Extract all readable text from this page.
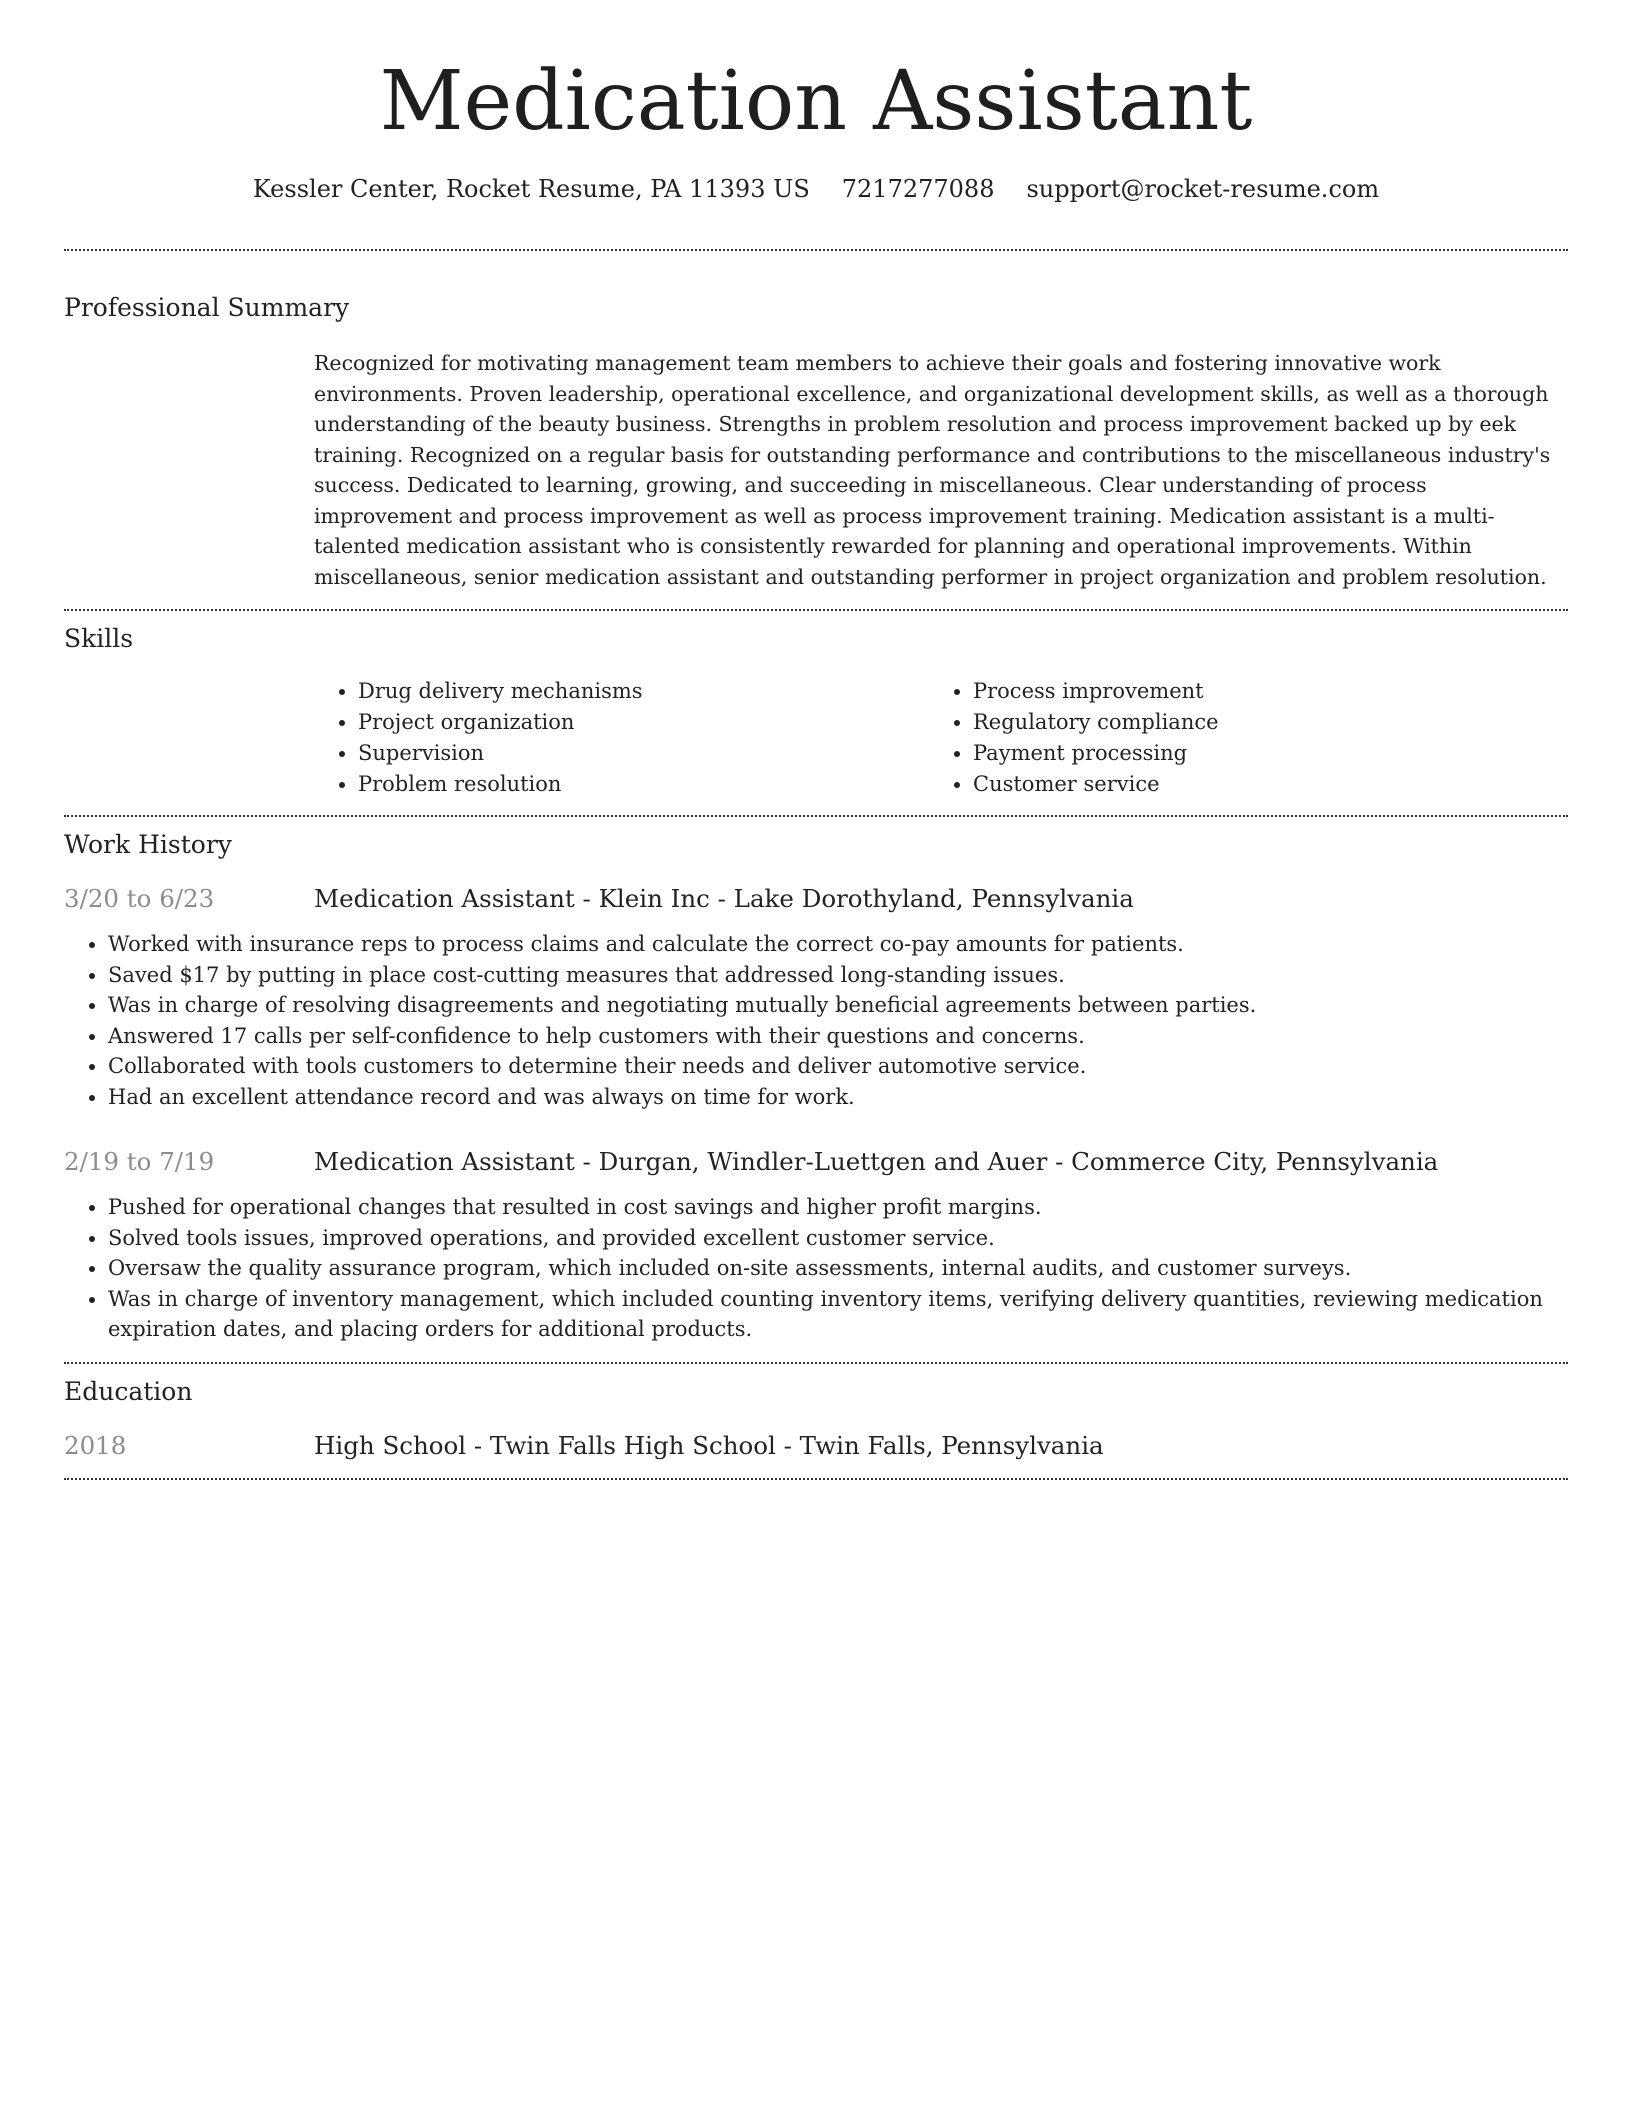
Medication Assistant
Kessler Center, Rocket Resume, PA 11393 US 7217277088 support@rocket-resume.com
Professional Summary
Recognized for motivating management team members to achieve their goals and fostering innovative work environments. Proven leadership, operational excellence, and organizational development skills, as well as a thorough understanding of the beauty business. Strengths in problem resolution and process improvement backed up by eek training. Recognized on a regular basis for outstanding performance and contributions to the miscellaneous industry's success. Dedicated to learning, growing, and succeeding in miscellaneous. Clear understanding of process improvement and process improvement as well as process improvement training. Medication assistant is a multi-talented medication assistant who is consistently rewarded for planning and operational improvements. Within miscellaneous, senior medication assistant and outstanding performer in project organization and problem resolution.
Skills
• Drug delivery mechanisms
• Project organization
• Supervision
• Problem resolution
• Process improvement
• Regulatory compliance
• Payment processing
• Customer service
Work History
3/20 to 6/23	Medication Assistant - Klein Inc - Lake Dorothyland, Pennsylvania
• Worked with insurance reps to process claims and calculate the correct co-pay amounts for patients.
• Saved $17 by putting in place cost-cutting measures that addressed long-standing issues.
• Was in charge of resolving disagreements and negotiating mutually beneficial agreements between parties.
• Answered 17 calls per self-confidence to help customers with their questions and concerns.
• Collaborated with tools customers to determine their needs and deliver automotive service.
• Had an excellent attendance record and was always on time for work.
2/19 to 7/19	Medication Assistant - Durgan, Windler-Luettgen and Auer - Commerce City, Pennsylvania
• Pushed for operational changes that resulted in cost savings and higher profit margins.
• Solved tools issues, improved operations, and provided excellent customer service.
• Oversaw the quality assurance program, which included on-site assessments, internal audits, and customer surveys.
• Was in charge of inventory management, which included counting inventory items, verifying delivery quantities, reviewing medication expiration dates, and placing orders for additional products.
Education
2018	High School - Twin Falls High School - Twin Falls, Pennsylvania
